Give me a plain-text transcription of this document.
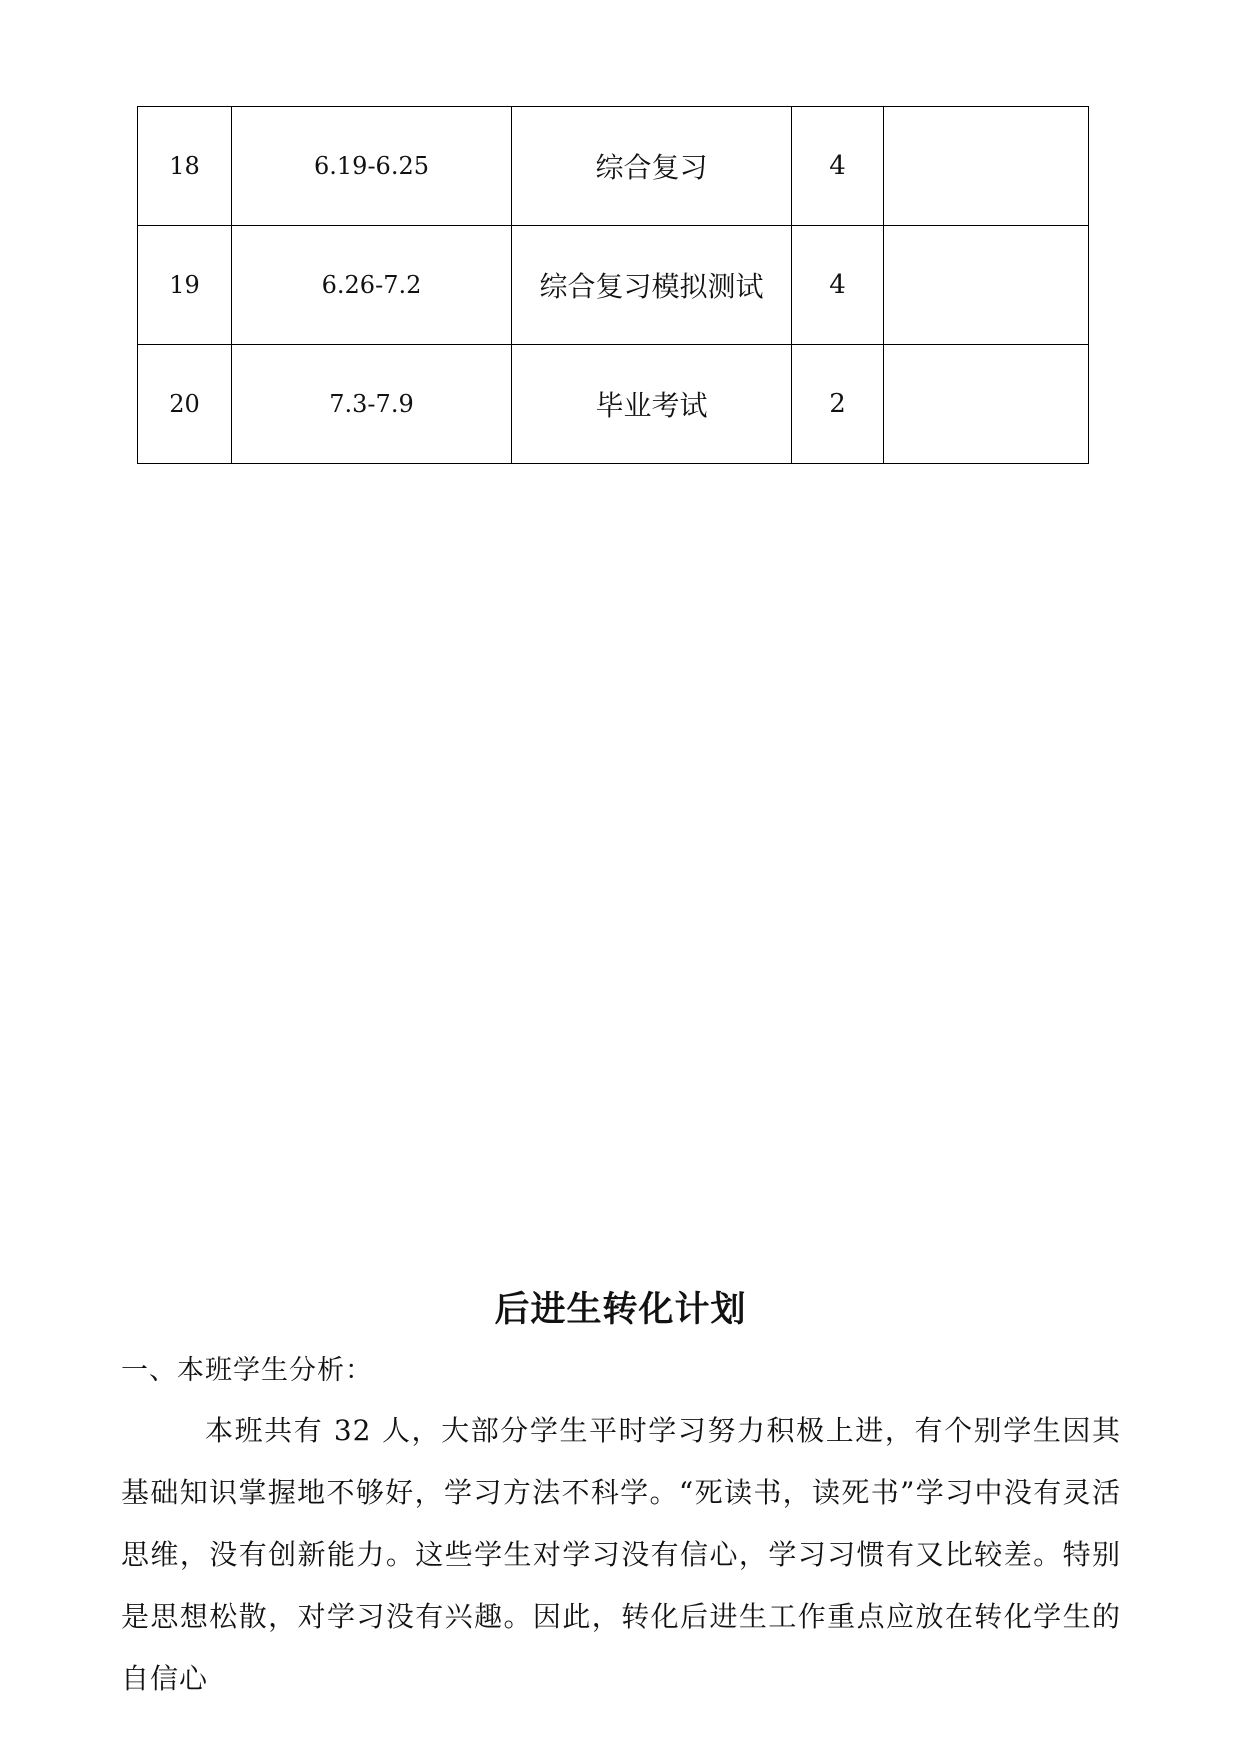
18	6.19-6.25	综合复习	4	
19	6.26-7.2	综合复习模拟测试	4	
20	7.3-7.9	毕业考试	2	
后进生转化计划
一、本班学生分析：

本班共有 32 人，大部分学生平时学习努力积极上进，有个别学生因其基础知识掌握地不够好，学习方法不科学。“死读书，读死书”学习中没有灵活思维，没有创新能力。这些学生对学习没有信心，学习习惯有又比较差。特别是思想松散，对学习没有兴趣。因此，转化后进生工作重点应放在转化学生的自信心
